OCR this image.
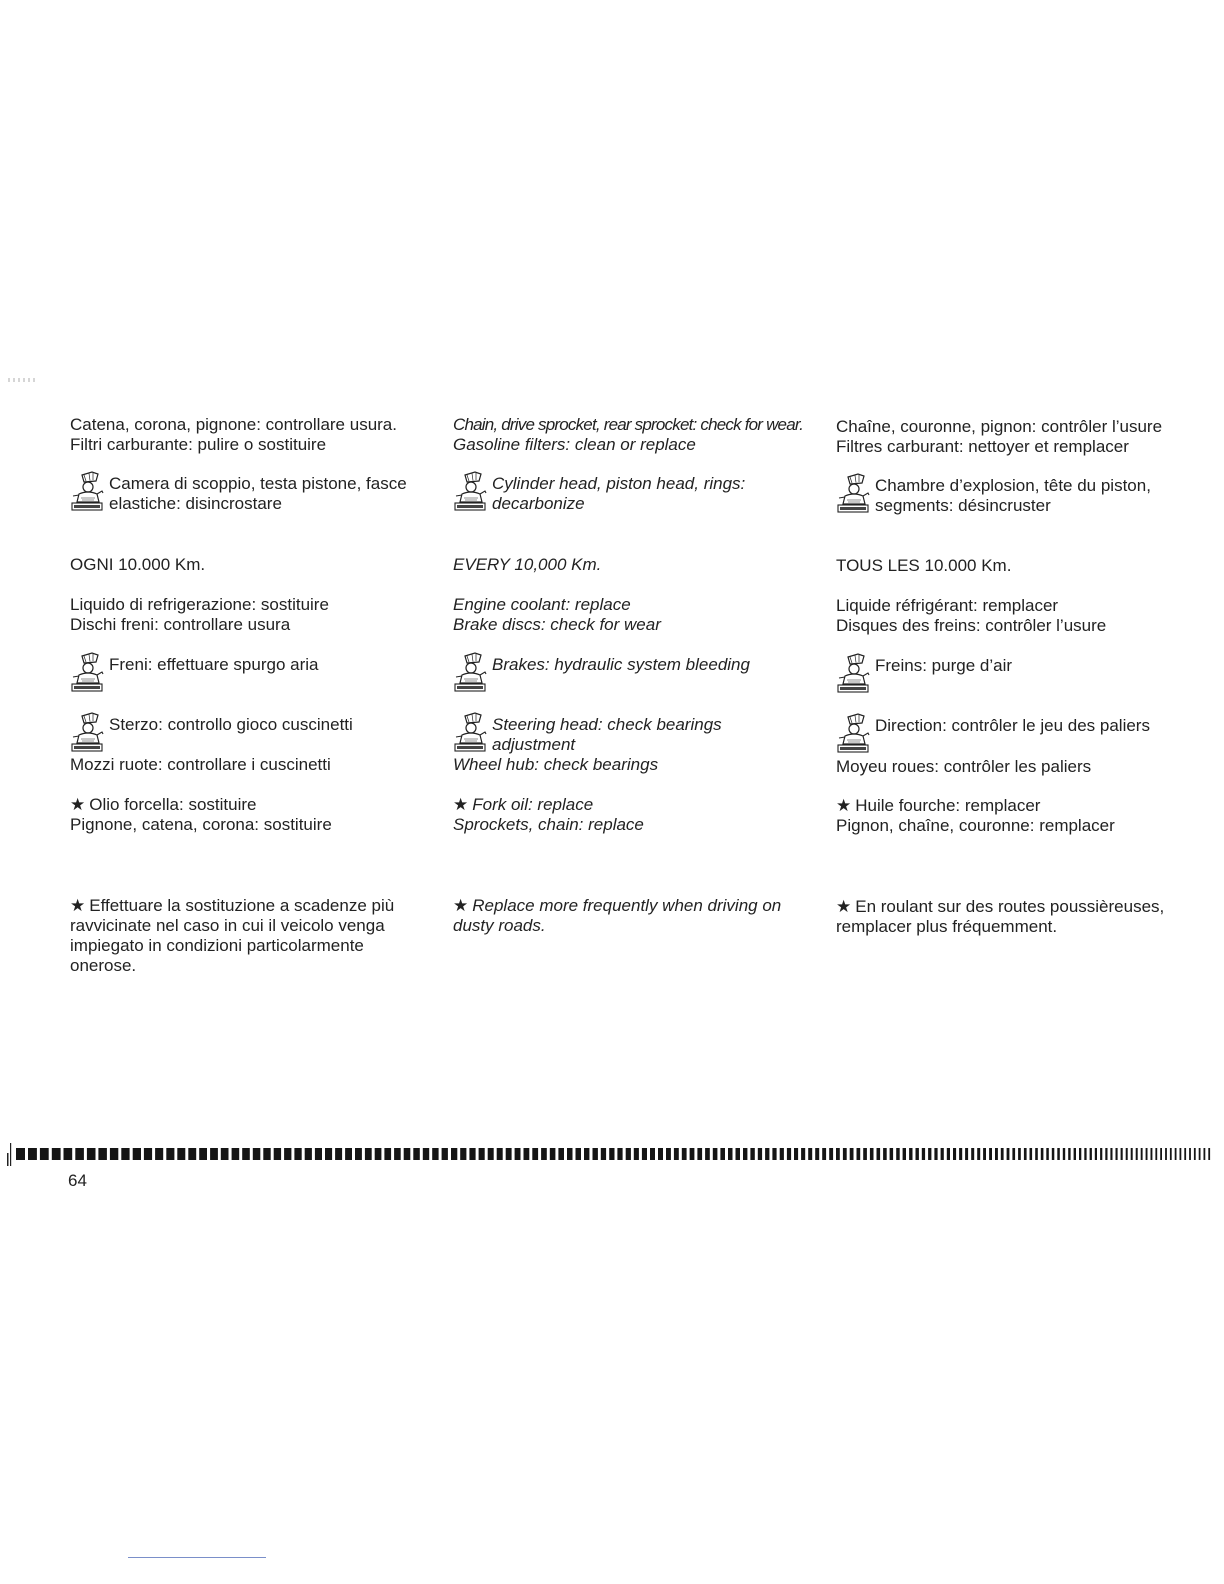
Catena, corona, pignone: controllare usura.
Filtri carburante: pulire o sostituire
Camera di scoppio, testa pistone, fasce
elastiche: disincrostare
OGNI 10.000 Km.
Liquido di refrigerazione: sostituire
Dischi freni: controllare usura
Freni: effettuare spurgo aria
Sterzo: controllo gioco cuscinetti
Mozzi ruote: controllare i cuscinetti
★ Olio forcella: sostituire
Pignone, catena, corona: sostituire
★ Effettuare la sostituzione a scadenze più
ravvicinate nel caso in cui il veicolo venga
impiegato in condizioni particolarmente
onerose.
Chain, drive sprocket, rear sprocket: check for wear.
Gasoline filters: clean or replace
Cylinder head, piston head, rings:
decarbonize
EVERY 10,000 Km.
Engine coolant: replace
Brake discs: check for wear
Brakes: hydraulic system bleeding
Steering head: check bearings
adjustment
Wheel hub: check bearings
★ Fork oil: replace
Sprockets, chain: replace
★ Replace more frequently when driving on
dusty roads.
Chaîne, couronne, pignon: contrôler l’usure
Filtres carburant: nettoyer et remplacer
Chambre d’explosion, tête du piston,
segments: désincruster
TOUS LES 10.000 Km.
Liquide réfrigérant: remplacer
Disques des freins: contrôler l’usure
Freins: purge d’air
Direction: contrôler le jeu des paliers
Moyeu roues: contrôler les paliers
★ Huile fourche: remplacer
Pignon, chaîne, couronne: remplacer
★ En roulant sur des routes poussièreuses,
remplacer plus fréquemment.
64
